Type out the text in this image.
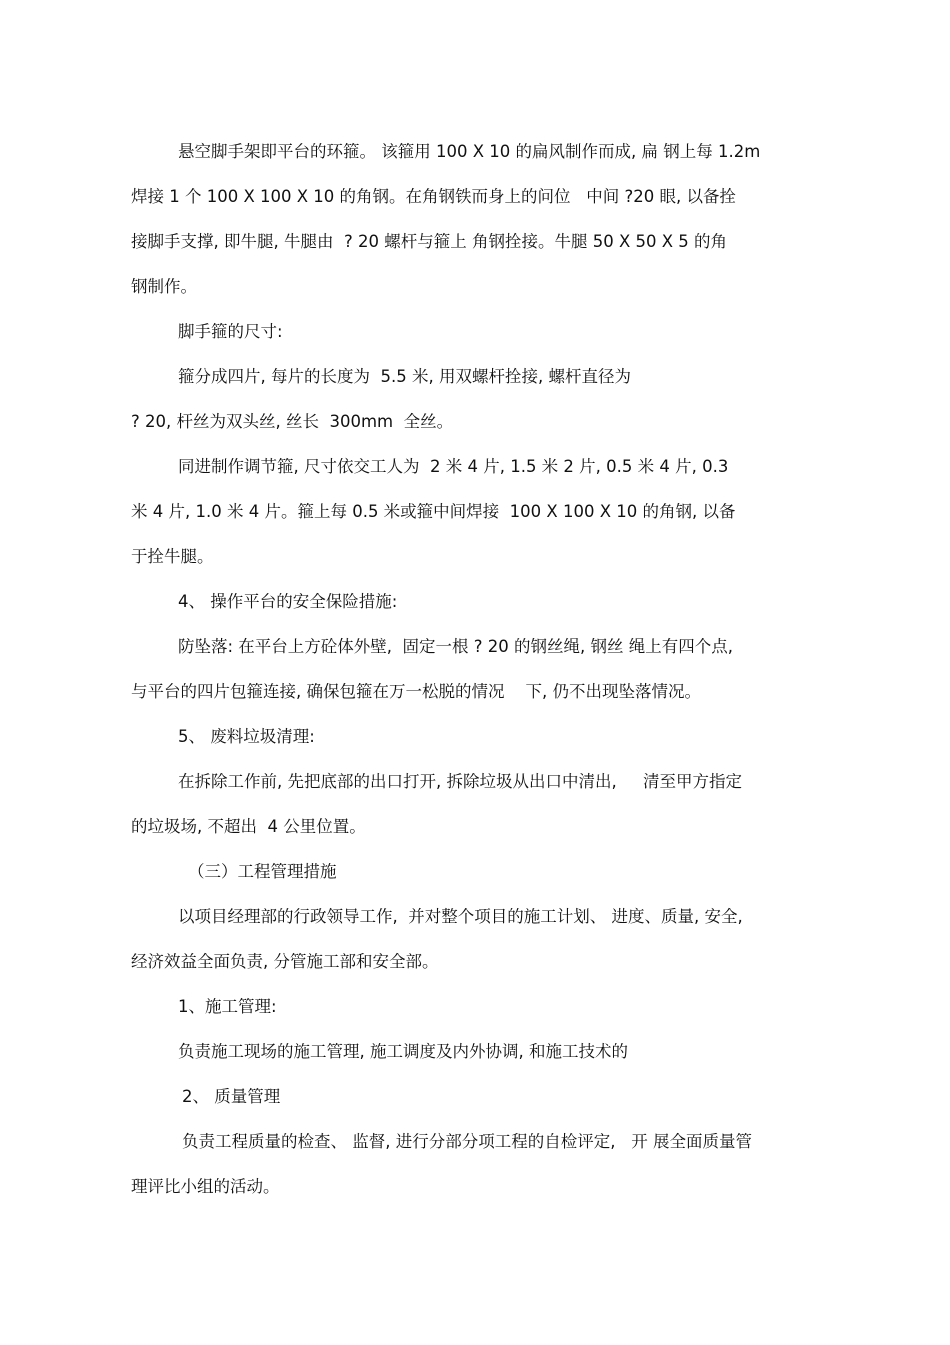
悬空脚手架即平台的环箍。 该箍用 100 X 10 的扁风制作而成, 扁 钢上每 1.2m
焊接 1 个 100 X 100 X 10 的角钢。在角钢铁而身上的问位   中间 ?20 眼, 以备拴
接脚手支撑, 即牛腿, 牛腿由  ? 20 螺杆与箍上 角钢拴接。牛腿 50 X 50 X 5 的角
钢制作。
脚手箍的尺寸:
箍分成四片, 每片的长度为  5.5 米, 用双螺杆拴接, 螺杆直径为
? 20, 杆丝为双头丝, 丝长  300mm  全丝。
同进制作调节箍, 尺寸依交工人为  2 米 4 片, 1.5 米 2 片, 0.5 米 4 片, 0.3
米 4 片, 1.0 米 4 片。箍上每 0.5 米或箍中间焊接  100 X 100 X 10 的角钢, 以备
于拴牛腿。
4、 操作平台的安全保险措施:
防坠落: 在平台上方砼体外壁,  固定一根 ? 20 的钢丝绳, 钢丝 绳上有四个点,
与平台的四片包箍连接, 确保包箍在万一松脱的情况    下, 仍不出现坠落情况。
5、 废料垃圾清理:
在拆除工作前, 先把底部的出口打开, 拆除垃圾从出口中清出,     清至甲方指定
的垃圾场, 不超出  4 公里位置。
（三）工程管理措施
以项目经理部的行政领导工作,  并对整个项目的施工计划、 进度、质量, 安全,
经济效益全面负责, 分管施工部和安全部。
1、施工管理:
负责施工现场的施工管理, 施工调度及内外协调, 和施工技术的
2、 质量管理
负责工程质量的检查、 监督, 进行分部分项工程的自检评定,   开 展全面质量管
理评比小组的活动。
